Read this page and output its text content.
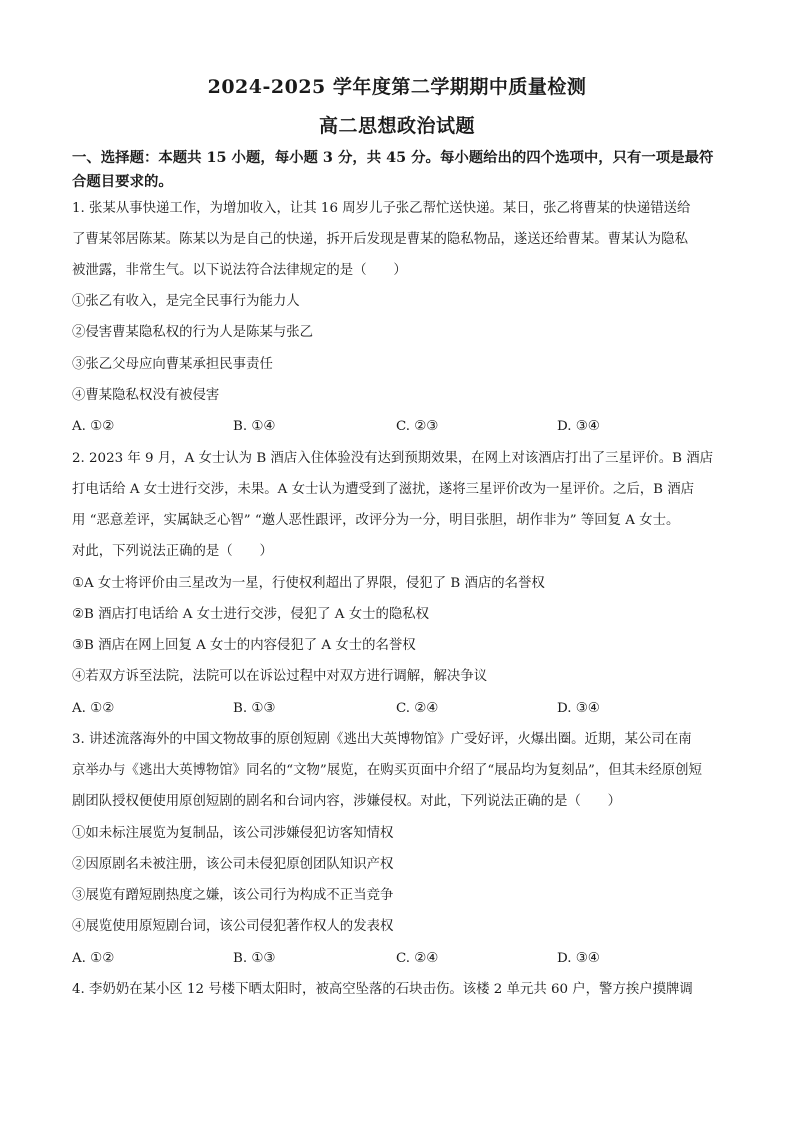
2024-2025 学年度第二学期期中质量检测
高二思想政治试题
一、选择题：本题共 15 小题，每小题 3 分，共 45 分。每小题给出的四个选项中，只有一项是最符合题目要求的。
1. 张某从事快递工作，为增加收入，让其 16 周岁儿子张乙帮忙送快递。某日，张乙将曹某的快递错送给
了曹某邻居陈某。陈某以为是自己的快递，拆开后发现是曹某的隐私物品，遂送还给曹某。曹某认为隐私
被泄露，非常生气。以下说法符合法律规定的是（　　）
①张乙有收入，是完全民事行为能力人
②侵害曹某隐私权的行为人是陈某与张乙
③张乙父母应向曹某承担民事责任
④曹某隐私权没有被侵害
A. ①②	B. ①④	C. ②③	D. ③④
2. 2023 年 9 月，A 女士认为 B 酒店入住体验没有达到预期效果，在网上对该酒店打出了三星评价。B 酒店
打电话给 A 女士进行交涉，未果。A 女士认为遭受到了滋扰，遂将三星评价改为一星评价。之后，B 酒店
用 “恶意差评，实属缺乏心智” “邀人恶性跟评，改评分为一分，明目张胆，胡作非为” 等回复 A 女士。
对此，下列说法正确的是（　　）
①A 女士将评价由三星改为一星，行使权利超出了界限，侵犯了 B 酒店的名誉权
②B 酒店打电话给 A 女士进行交涉，侵犯了 A 女士的隐私权
③B 酒店在网上回复 A 女士的内容侵犯了 A 女士的名誉权
④若双方诉至法院，法院可以在诉讼过程中对双方进行调解，解决争议
A. ①②	B. ①③	C. ②④	D. ③④
3. 讲述流落海外的中国文物故事的原创短剧《逃出大英博物馆》广受好评，火爆出圈。近期，某公司在南
京举办与《逃出大英博物馆》同名的“文物”展览，在购买页面中介绍了“展品均为复刻品”，但其未经原创短
剧团队授权便使用原创短剧的剧名和台词内容，涉嫌侵权。对此，下列说法正确的是（　　）
①如未标注展览为复制品，该公司涉嫌侵犯访客知情权
②因原剧名未被注册，该公司未侵犯原创团队知识产权
③展览有蹭短剧热度之嫌，该公司行为构成不正当竞争
④展览使用原短剧台词，该公司侵犯著作权人的发表权
A. ①②	B. ①③	C. ②④	D. ③④
4. 李奶奶在某小区 12 号楼下晒太阳时，被高空坠落的石块击伤。该楼 2 单元共 60 户，警方挨户摸牌调
